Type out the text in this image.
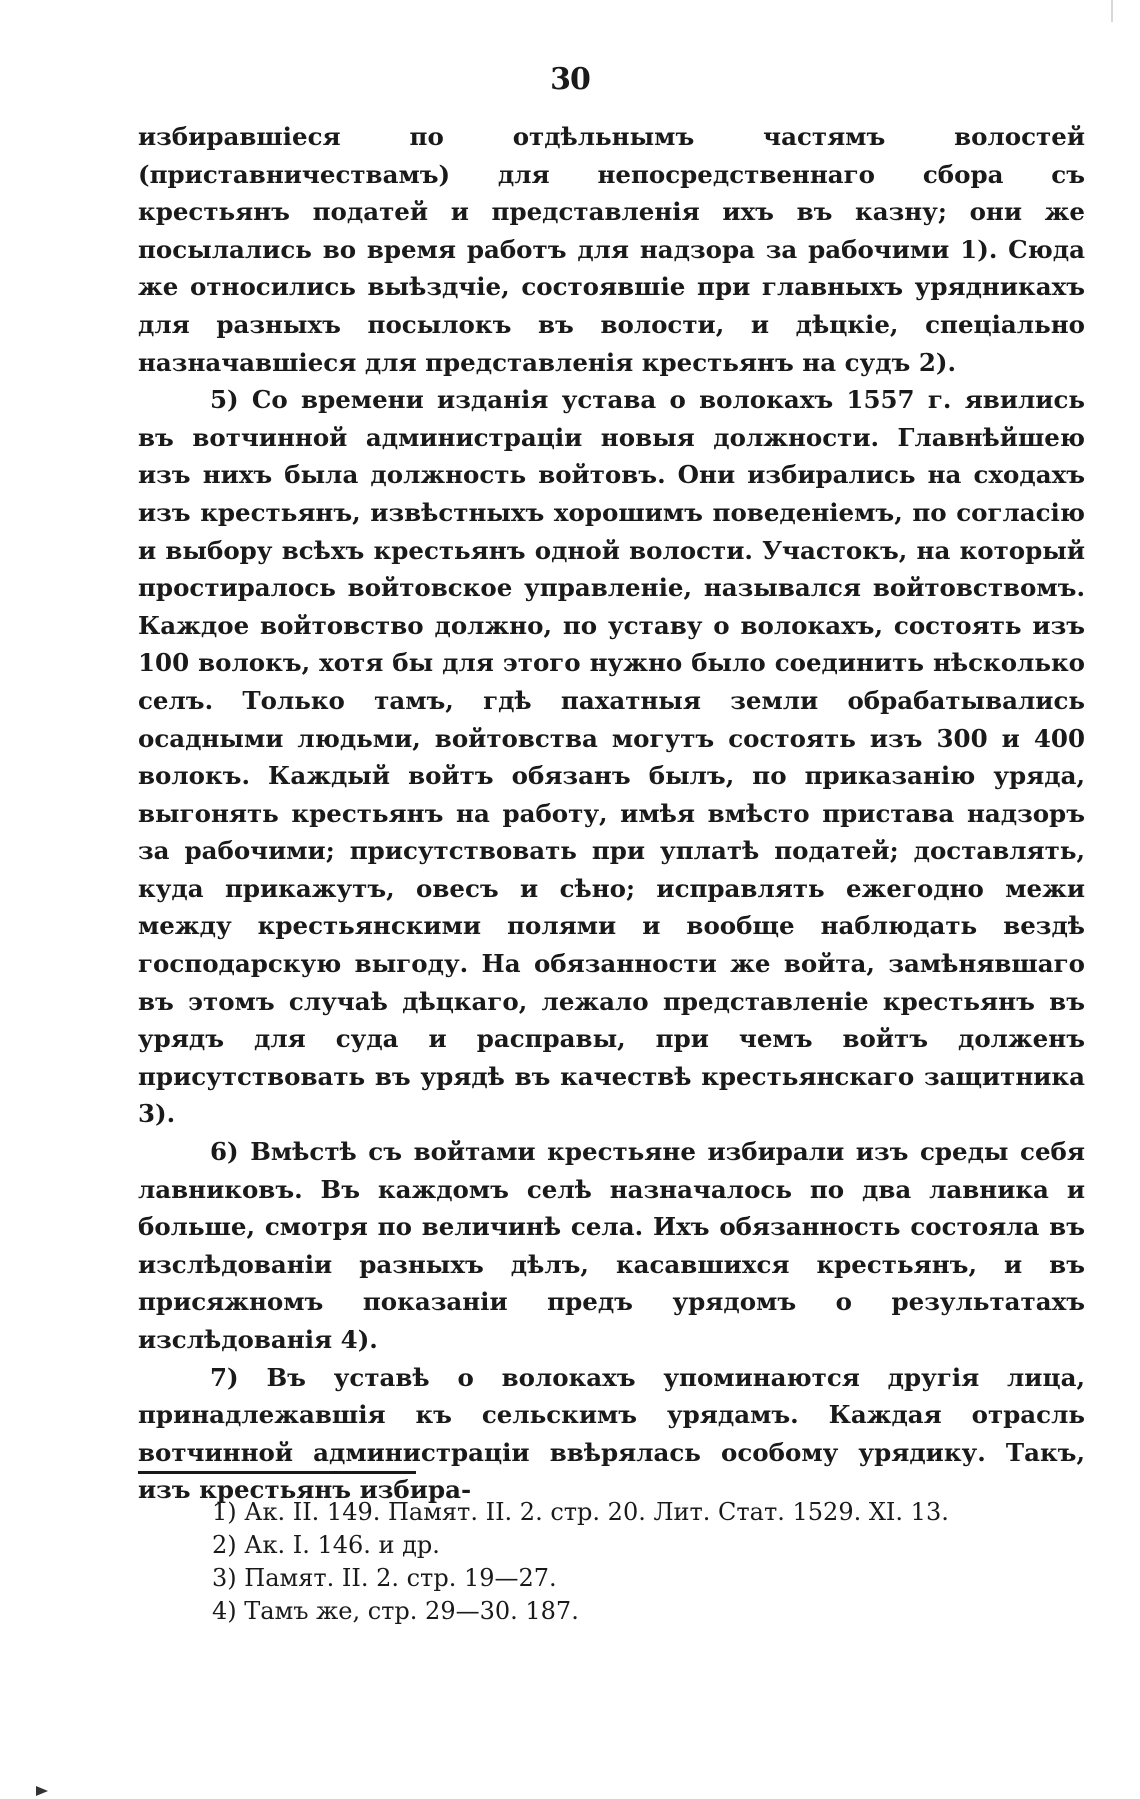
30

избиравшіеся по отдѣльнымъ частямъ волостей (приставничествамъ) для непосредственнаго сбора съ крестьянъ податей и представленія ихъ въ казну; они же посылались во время работъ для надзора за рабочими 1). Сюда же относились выѣздчіе, состоявшіе при главныхъ урядникахъ для разныхъ посылокъ въ волости, и дѣцкіе, спеціально назначавшіеся для представленія крестьянъ на судъ 2).

5) Со времени изданія устава о волокахъ 1557 г. явились въ вотчинной администраціи новыя должности. Главнѣйшею изъ нихъ была должность войтовъ. Они избирались на сходахъ изъ крестьянъ, извѣстныхъ хорошимъ поведеніемъ, по согласію и выбору всѣхъ крестьянъ одной волости. Участокъ, на который простиралось войтовское управленіе, назывался войтовствомъ. Каждое войтовство должно, по уставу о волокахъ, состоять изъ 100 волокъ, хотя бы для этого нужно было соединить нѣсколько селъ. Только тамъ, гдѣ пахатныя земли обрабатывались осадными людьми, войтовства могутъ состоять изъ 300 и 400 волокъ. Каждый войтъ обязанъ былъ, по приказанію уряда, выгонять крестьянъ на работу, имѣя вмѣсто пристава надзоръ за рабочими; присутствовать при уплатѣ податей; доставлять, куда прикажутъ, овесъ и сѣно; исправлять ежегодно межи между крестьянскими полями и вообще наблюдать вездѣ господарскую выгоду. На обязанности же войта, замѣнявшаго въ этомъ случаѣ дѣцкаго, лежало представленіе крестьянъ въ урядъ для суда и расправы, при чемъ войтъ долженъ присутствовать въ урядѣ въ качествѣ крестьянскаго защитника 3).

6) Вмѣстѣ съ войтами крестьяне избирали изъ среды себя лавниковъ. Въ каждомъ селѣ назначалось по два лавника и больше, смотря по величинѣ села. Ихъ обязанность состояла въ изслѣдованіи разныхъ дѣлъ, касавшихся крестьянъ, и въ присяжномъ показаніи предъ урядомъ о результатахъ изслѣдованія 4).

7) Въ уставѣ о волокахъ упоминаются другія лица, принадлежавшія къ сельскимъ урядамъ. Каждая отрасль вотчинной администраціи ввѣрялась особому урядику. Такъ, изъ крестьянъ избира-

1) Ак. II. 149. Памят. II. 2. стр. 20. Лит. Стат. 1529. XI. 13.
2) Ак. I. 146. и др.
3) Памят. II. 2. стр. 19—27.
4) Тамъ же, стр. 29—30. 187.
